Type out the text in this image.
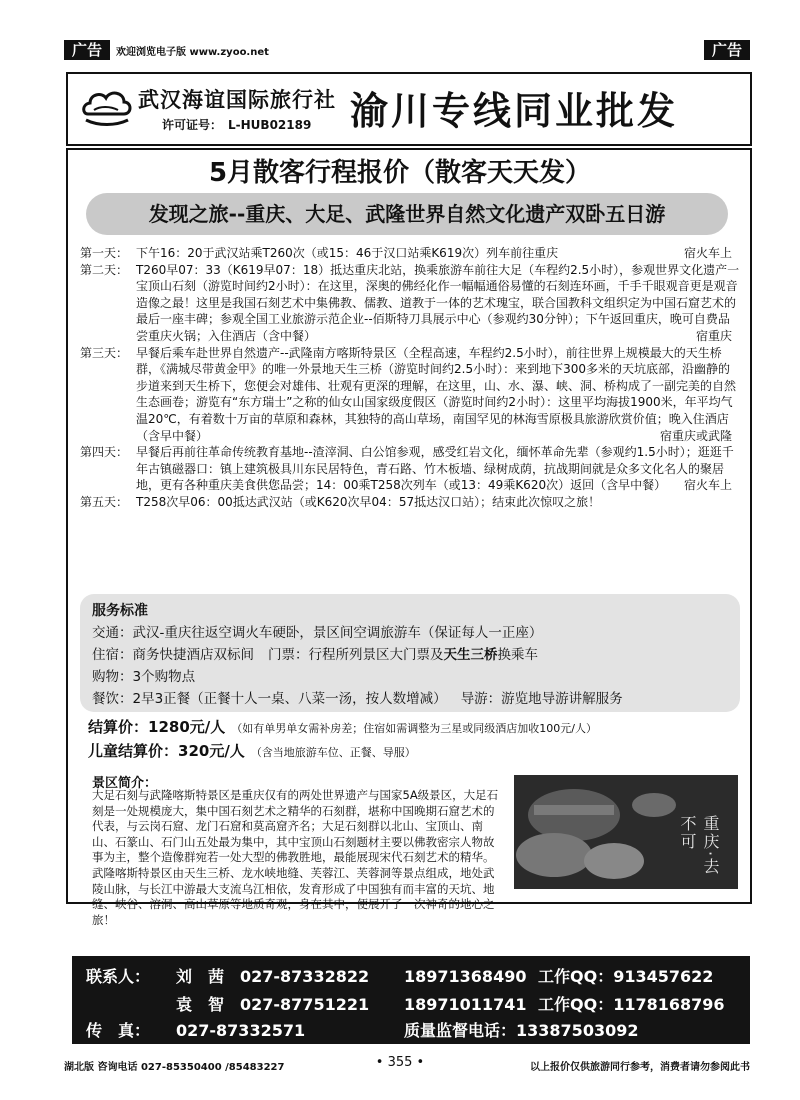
广告	欢迎浏览电子版 www.zyoo.net	广告
武汉海谊国际旅行社
许可证号： L-HUB02189 渝川专线同业批发
5月散客行程报价（散客天天发）
发现之旅--重庆、大足、武隆世界自然文化遗产双卧五日游
第一天： 下午16：20于武汉站乘T260次（或15：46于汉口站乘K619次）列车前往重庆	宿火车上
第二天： T260早07：33（K619早07：18）抵达重庆北站，换乘旅游车前往大足（车程约2.5小时），参观世界文化遗产一宝顶山石刻（游览时间约2小时）：在这里，深奥的佛经化作一幅幅通俗易懂的石刻连环画，千手千眼观音更是观音造像之最！这里是我国石刻艺术中集佛教、儒教、道教于一体的艺术瑰宝，联合国教科文组织定为中国石窟艺术的最后一座丰碑；参观全国工业旅游示范企业--佰斯特刀具展示中心（参观约30分钟）；下午返回重庆，晚可自费品尝重庆火锅；入住酒店（含中餐）	宿重庆
第三天： 早餐后乘车赴世界自然遗产--武隆南方喀斯特景区（全程高速，车程约2.5小时），前往世界上规模最大的天生桥群，《满城尽带黄金甲》的唯一外景地天生三桥（游览时间约2.5小时）：来到地下300多米的天坑底部，沿幽静的步道来到天生桥下，您便会对雄伟、壮观有更深的理解，在这里，山、水、瀑、峡、洞、桥构成了一副完美的自然生态画卷；游览有“东方瑞士”之称的仙女山国家级度假区（游览时间约2小时）：这里平均海拔1900米，年平均气温20℃，有着数十万亩的草原和森林，其独特的高山草场，南国罕见的林海雪原极具旅游欣赏价值；晚入住酒店（含早中餐）	宿重庆或武隆
第四天： 早餐后再前往革命传统教育基地--渣滓洞、白公馆参观，感受红岩文化，缅怀革命先辈（参观约1.5小时）；逛逛千年古镇磁器口：镇上建筑极具川东民居特色，青石路、竹木板墙、绿树成荫，抗战期间就是众多文化名人的聚居地，更有各种重庆美食供您品尝；14：00乘T258次列车（或13：49乘K620次）返回（含早中餐） 宿火车上
第五天： T258次早06：00抵达武汉站（或K620次早04：57抵达汉口站）；结束此次惊叹之旅！
服务标准
交通：武汉-重庆往返空调火车硬卧，景区间空调旅游车（保证每人一正座）
住宿：商务快捷酒店双标间 门票：行程所列景区大门票及天生三桥换乘车
购物：3个购物点
餐饮：2早3正餐（正餐十人一桌、八菜一汤，按人数增减） 导游：游览地导游讲解服务
结算价：1280元/人 （如有单男单女需补房差；住宿如需调整为三星或同级酒店加收100元/人）
儿童结算价：320元/人 （含当地旅游车位、正餐、导服）
景区简介：
大足石刻与武隆喀斯特景区是重庆仅有的两处世界遗产与国家5A级景区，大足石刻是一处规模庞大，集中国石刻艺术之精华的石刻群，堪称中国晚期石窟艺术的代表，与云岗石窟、龙门石窟和莫高窟齐名；大足石刻群以北山、宝顶山、南山、石篆山、石门山五处最为集中，其中宝顶山石刻题材主要以佛教密宗人物故事为主，整个造像群宛若一处大型的佛教胜地，最能展现宋代石刻艺术的精华。武隆喀斯特景区由天生三桥、龙水峡地缝、芙蓉江、芙蓉洞等景点组成，地处武陵山脉，与长江中游最大支流乌江相依，发育形成了中国独有而丰富的天坑、地缝、峡谷、溶洞、高山草原等地质奇观，身在其中，便展开了一次神奇的地心之旅！
重庆·去不可
联系人： 刘　茜 027-87332822 18971368490 工作QQ：913457622
袁　智 027-87751221 18971011741 工作QQ：1178168796
传　真： 027-87332571	质量监督电话：13387503092
湖北版 咨询电话 027-85350400 /85483227	• 355 •	以上报价仅供旅游同行参考，消费者请勿参阅此书
